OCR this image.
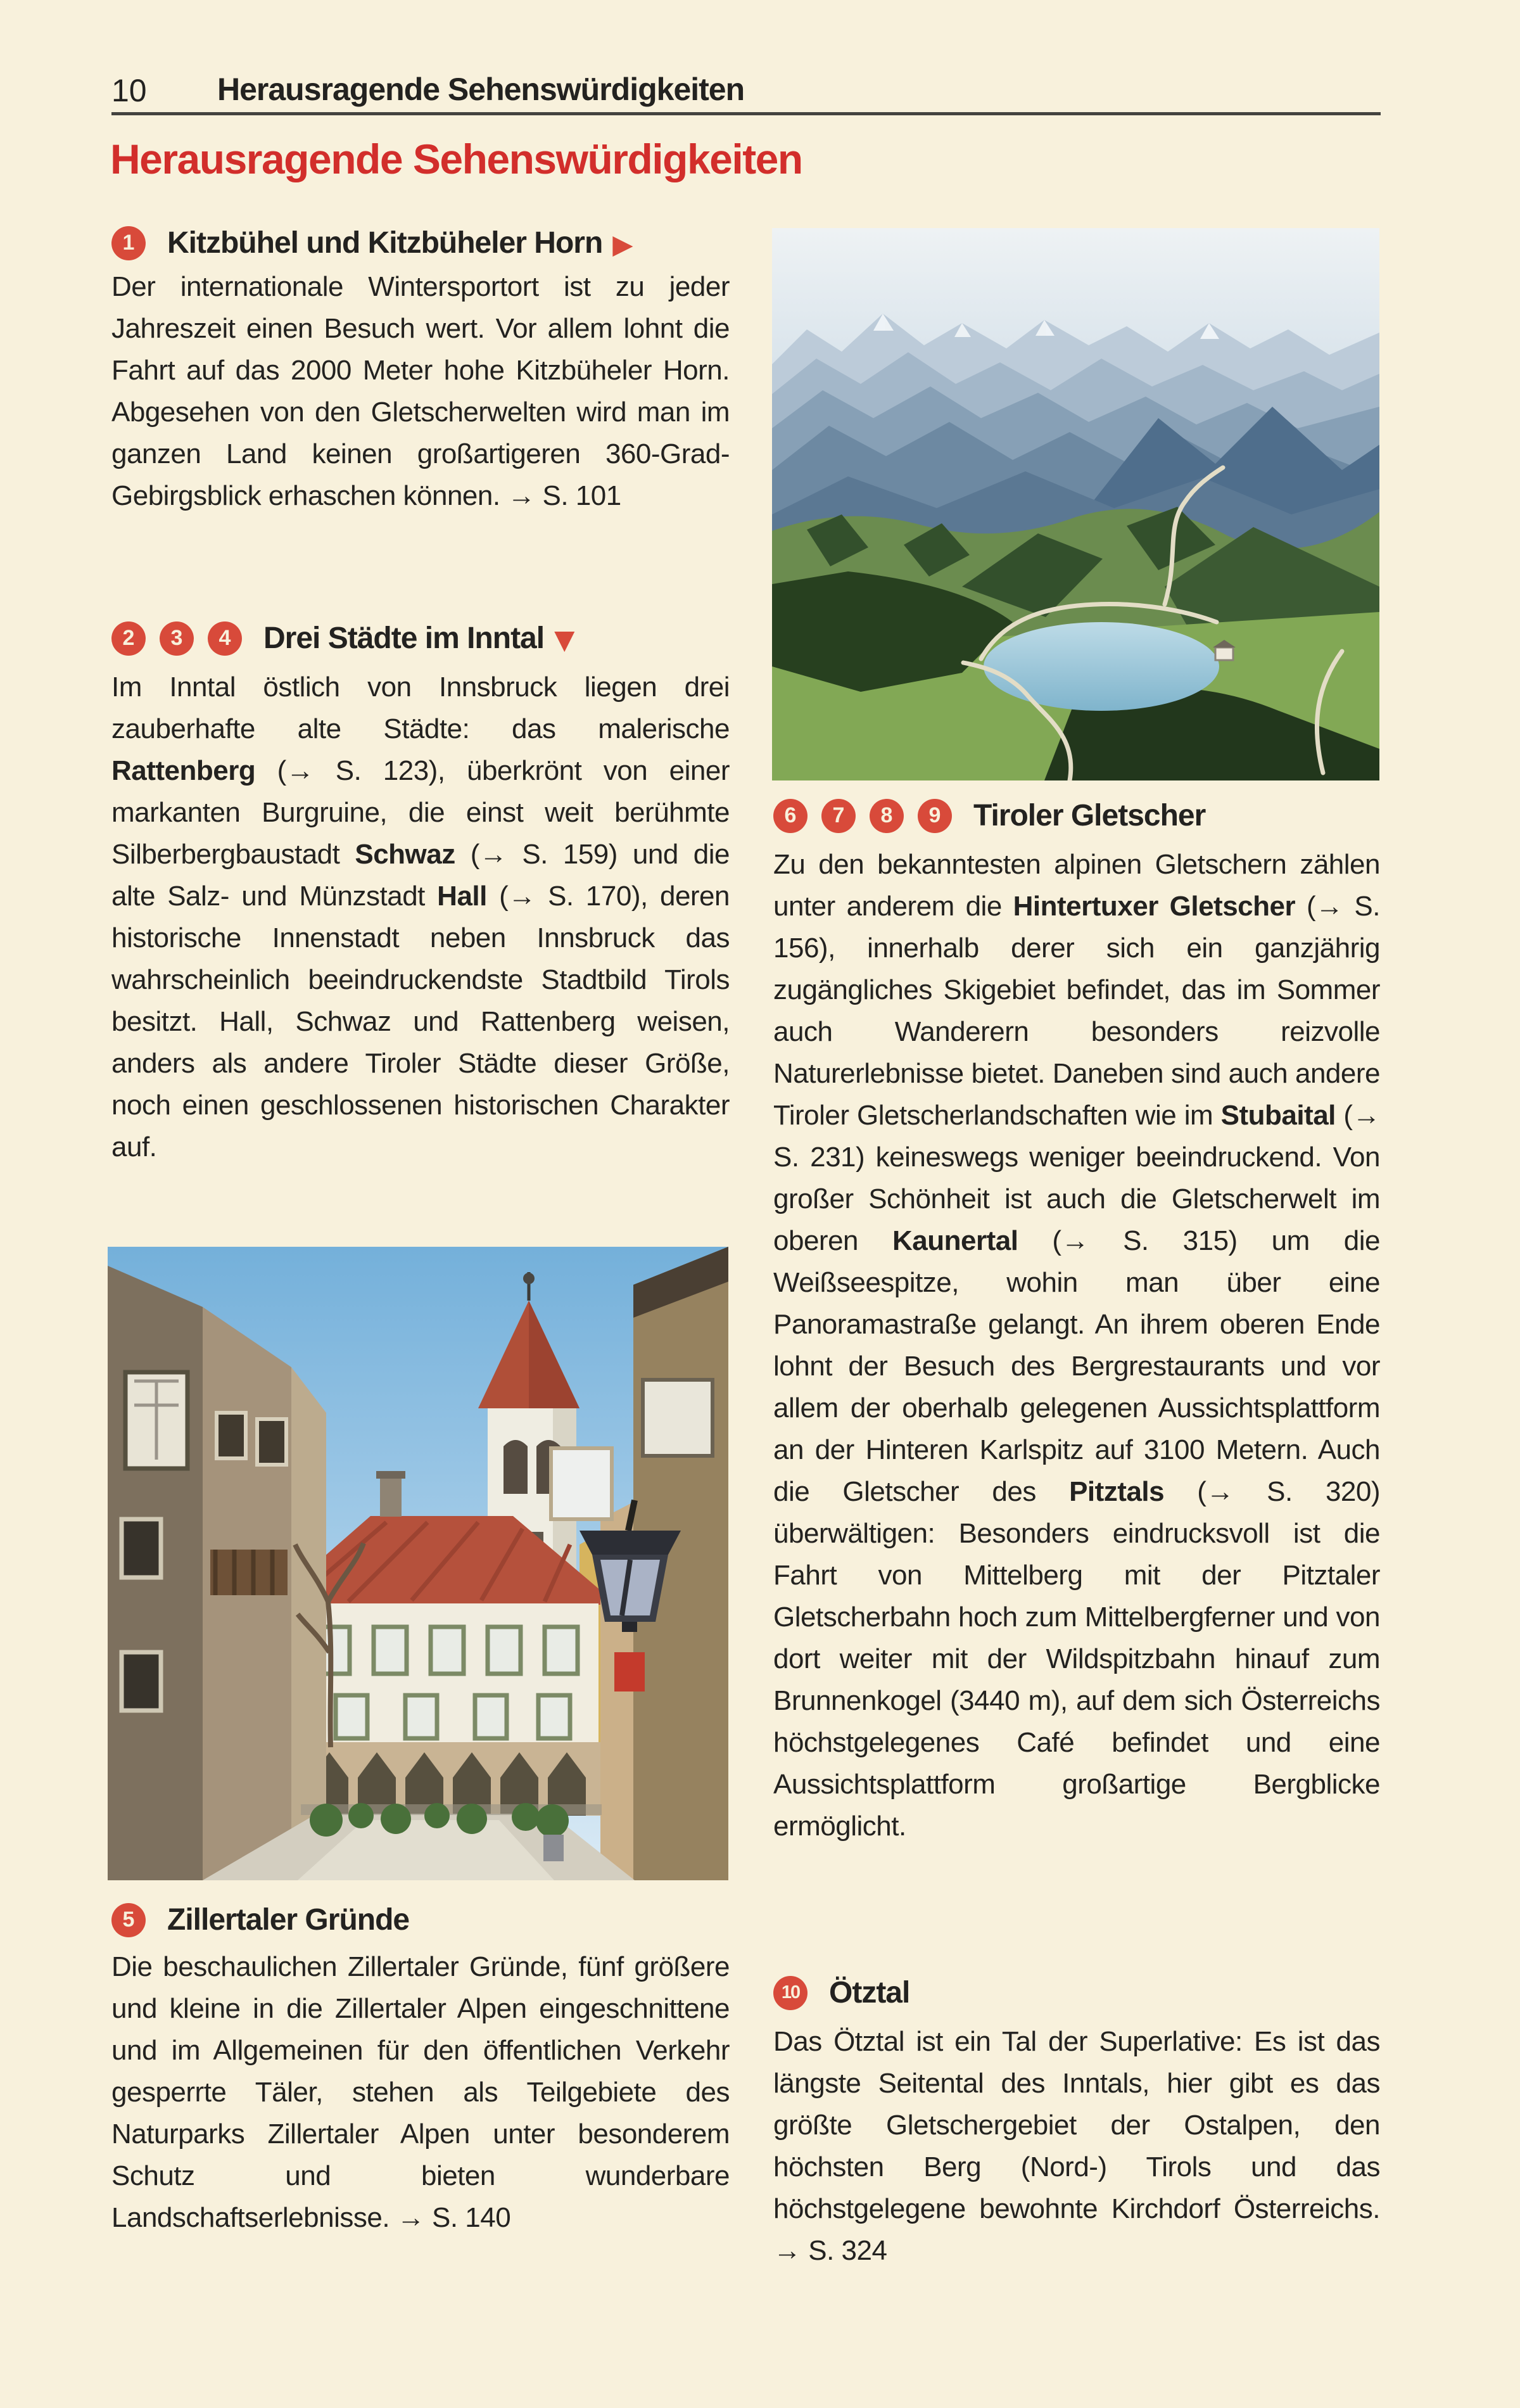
10 Herausragende Sehenswürdigkeiten
Herausragende Sehenswürdigkeiten
1	Kitzbühel und Kitzbüheler Horn ▶

Der internationale Wintersportort ist zu jeder Jahreszeit einen Besuch wert. Vor allem lohnt die Fahrt auf das 2000 Meter hohe Kitzbüheler Horn. Abgesehen von den Gletscherwelten wird man im ganzen Land keinen großartigeren 360-Grad-Gebirgsblick erhaschen können. → S. 101

2	3	4	Drei Städte im Inntal ▼

Im Inntal östlich von Innsbruck liegen drei zauberhafte alte Städte: das malerische Rattenberg (→ S. 123), überkrönt von einer markanten Burgruine, die einst weit berühmte Silberbergbaustadt Schwaz (→ S. 159) und die alte Salz- und Münzstadt Hall (→ S. 170), deren historische Innenstadt neben Innsbruck das wahrscheinlich beeindruckendste Stadtbild Tirols besitzt. Hall, Schwaz und Rattenberg weisen, anders als andere Tiroler Städte dieser Größe, noch einen geschlossenen historischen Charakter auf.

5	Zillertaler Gründe

Die beschaulichen Zillertaler Gründe, fünf größere und kleine in die Zillertaler Alpen eingeschnittene und im Allgemeinen für den öffentlichen Verkehr gesperrte Täler, stehen als Teilgebiete des Naturparks Zillertaler Alpen unter besonderem Schutz und bieten wunderbare Landschaftserlebnisse. → S. 140

6	7	8	9	Tiroler Gletscher

Zu den bekanntesten alpinen Gletschern zählen unter anderem die Hintertuxer Gletscher (→ S. 156), innerhalb derer sich ein ganzjährig zugängliches Skigebiet befindet, das im Sommer auch Wanderern besonders reizvolle Naturerlebnisse bietet. Daneben sind auch andere Tiroler Gletscherlandschaften wie im Stubaital (→ S. 231) keineswegs weniger beeindruckend. Von großer Schönheit ist auch die Gletscherwelt im oberen Kaunertal (→ S. 315) um die Weißseespitze, wohin man über eine Panoramastraße gelangt. An ihrem oberen Ende lohnt der Besuch des Bergrestaurants und vor allem der oberhalb gelegenen Aussichtsplattform an der Hinteren Karlspitz auf 3100 Metern. Auch die Gletscher des Pitztals (→ S. 320) überwältigen: Besonders eindrucksvoll ist die Fahrt von Mittelberg mit der Pitztaler Gletscherbahn hoch zum Mittelbergferner und von dort weiter mit der Wildspitzbahn hinauf zum Brunnenkogel (3440 m), auf dem sich Österreichs höchstgelegenes Café befindet und eine Aussichtsplattform großartige Bergblicke ermöglicht.

10 Ötztal

Das Ötztal ist ein Tal der Superlative: Es ist das längste Seitental des Inntals, hier gibt es das größte Gletschergebiet der Ostalpen, den höchsten Berg (Nord-) Tirols und das höchstgelegene bewohnte Kirchdorf Österreichs. → S. 324
